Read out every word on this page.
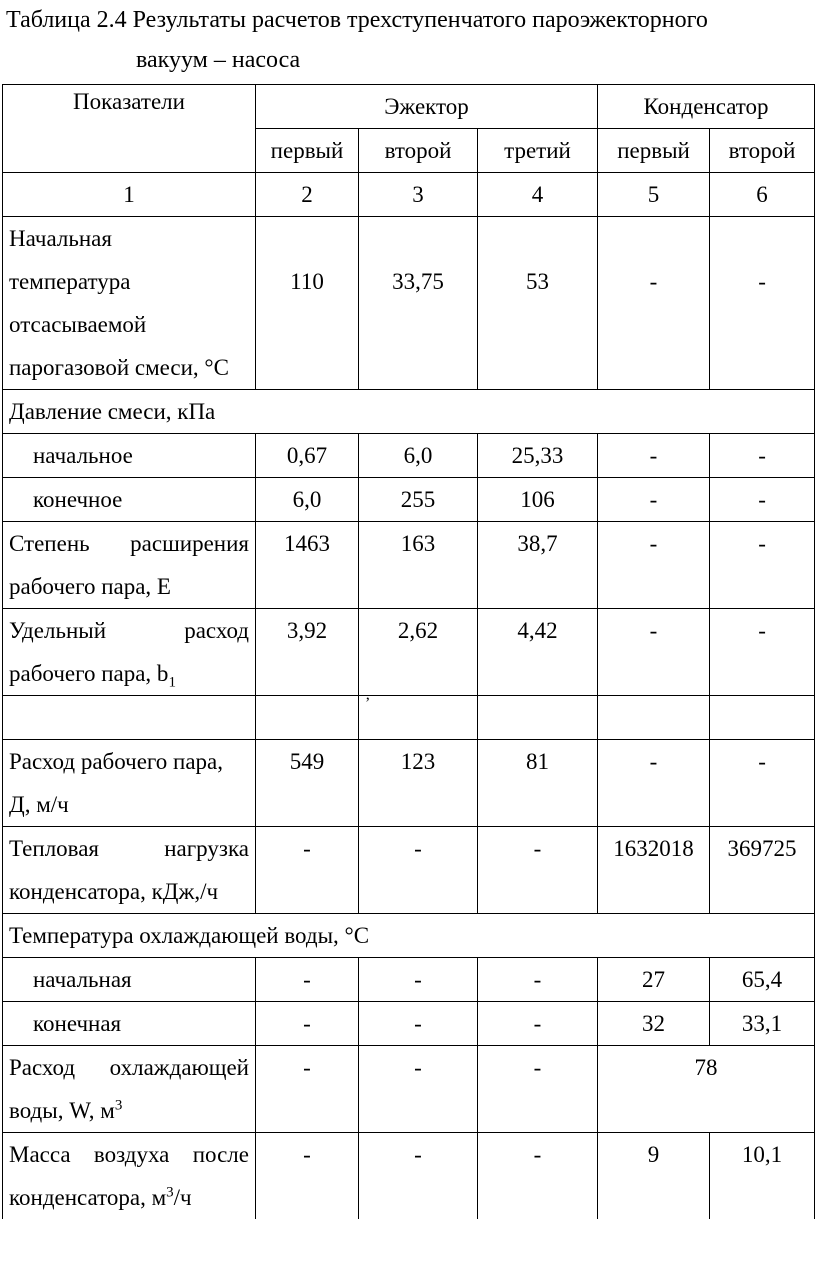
Таблица 2.4 Результаты расчетов трехступенчатого пароэжекторного
вакуум – насоса
Показатели	Эжектор			Конденсатор	
	первый	второй	третий	первый	второй
1	2	3	4	5	6

Начальная
температура
отсасываемой
парогазовой смеси, °С	110	33,75	53	-	-
Давление смеси, кПа					
начальное	0,67	6,0	25,33	-	-
конечное	6,0	255	106	-	-

Степень расширения
рабочего пара, Е	1463	163	38,7	-	-

Удельный расход
рабочего пара, $b_1$	3,92	2,62	4,42	-	-

Расход рабочего пара,
Д, м/ч	549	123	81	-	-

Тепловая нагрузка
конденсатора, кДж,/ч	-	-	-	1632018	369725
Температура охлаждающей воды, °С					
начальная	-	-	-	27	65,4
конечная	-	-	-	32	33,1

Расход охлаждающей
воды, W, $м^3$	-	-	-	78	

Масса воздуха после
конденсатора, $м^3/ч$	-	-	-	9	10,1
’
